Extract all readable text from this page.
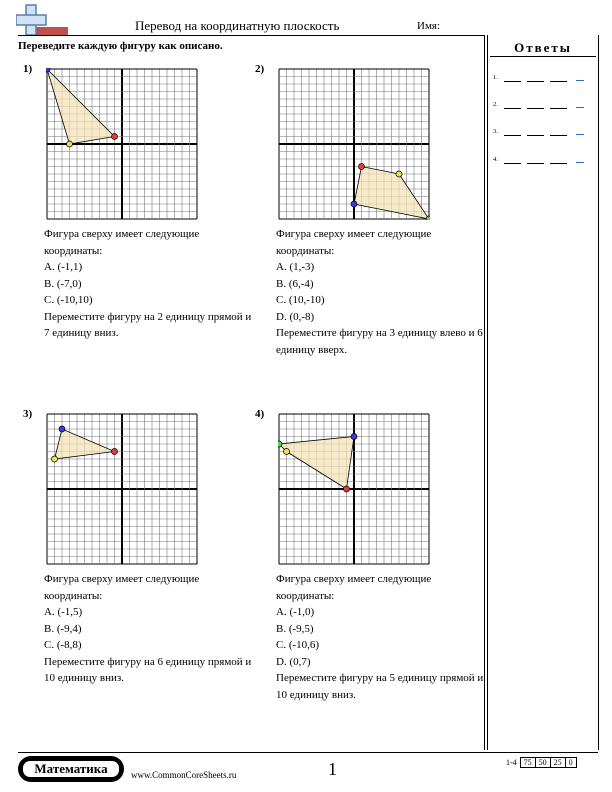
Перевод на координатную плоскость	Имя:
Переведите каждую фигуру как описано.
1)

Фигура сверху имеет следующие координаты:

A. (-1,1)

B. (-7,0)

C. (-10,10)

Переместите фигуру на 2 единицу прямой и 7 единицу вниз.

2)

Фигура сверху имеет следующие координаты:

A. (1,-3)

B. (6,-4)

C. (10,-10)

D. (0,-8)

Переместите фигуру на 3 единицу влево и 6 единицу вверх.

3)

Фигура сверху имеет следующие координаты:

A. (-1,5)

B. (-9,4)

C. (-8,8)

Переместите фигуру на 6 единицу прямой и 10 единицу вниз.

4)

Фигура сверху имеет следующие координаты:

A. (-1,0)

B. (-9,5)

C. (-10,6)

D. (0,7)

Переместите фигуру на 5 единицу прямой и 10 единицу вниз.

Ответы
1.

2.

3.

4.

Математика	www.CommonCoreSheets.ru	1	1-4	75	50	25	0
